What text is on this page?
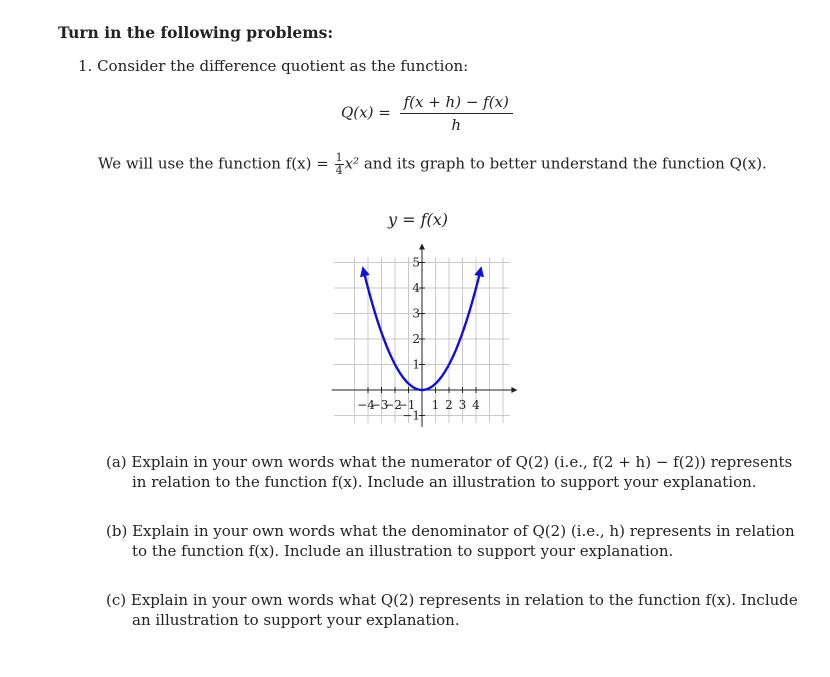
Turn in the following problems:
1. Consider the difference quotient as the function:
$Q(x) = \frac{f(x + h) - f(x)}{h}$
We will use the function $f(x) = \frac{1}{4} x^2$ and its graph to better understand the function Q(x).
y = f(x)
−4
−3
−2
−1 1 2 3 4
5
4
3
2
1
−1
(a) Explain in your own words what the numerator of Q(2) (i.e., f(2 + h) − f(2)) represents
in relation to the function f(x). Include an illustration to support your explanation.
(b) Explain in your own words what the denominator of Q(2) (i.e., h) represents in relation
to the function f(x). Include an illustration to support your explanation.
(c) Explain in your own words what Q(2) represents in relation to the function f(x). Include
an illustration to support your explanation.
